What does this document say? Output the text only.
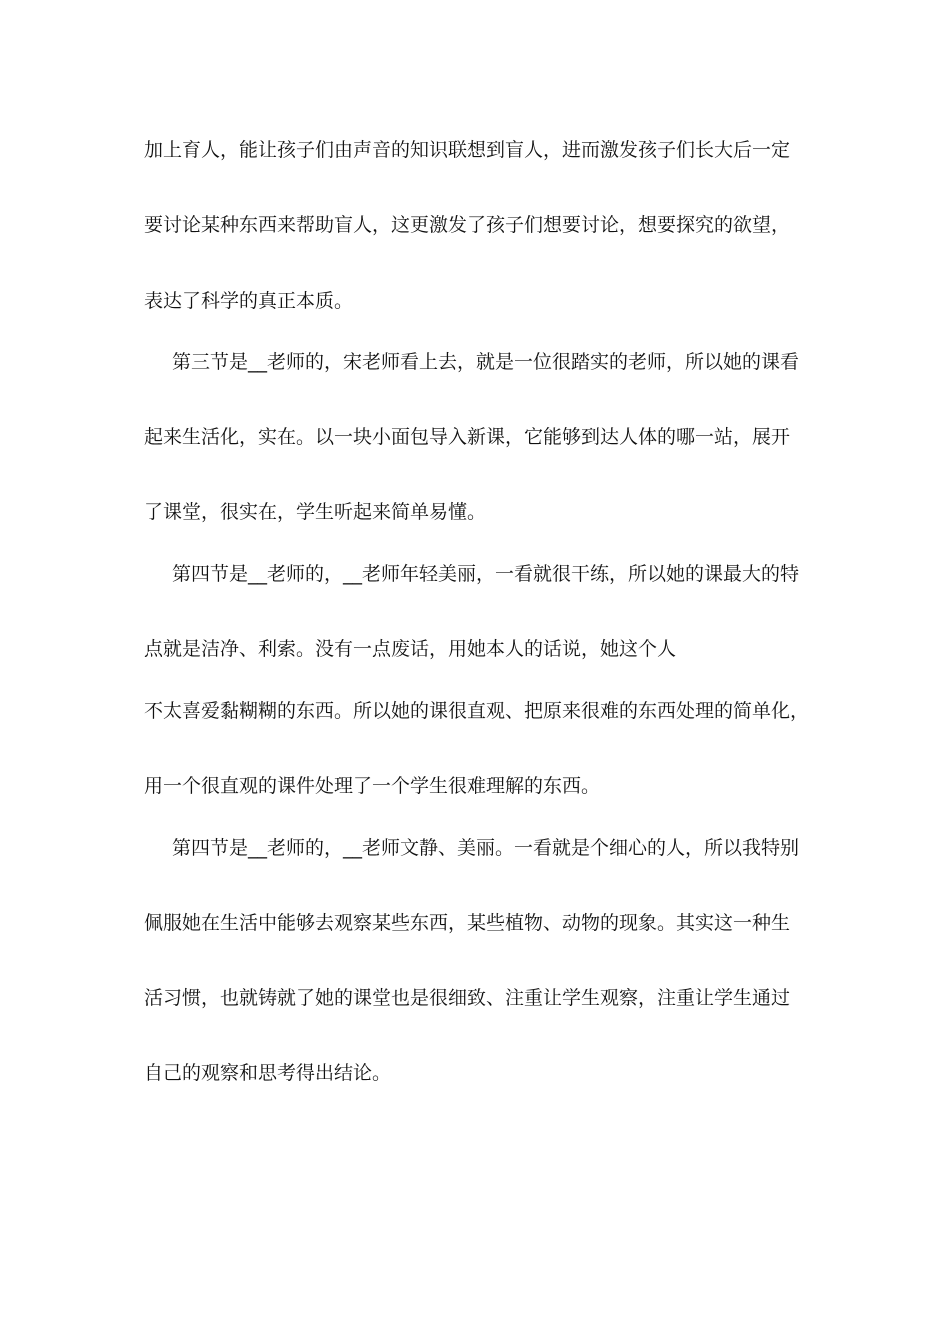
加上育人，能让孩子们由声音的知识联想到盲人，进而激发孩子们长大后一定
要讨论某种东西来帮助盲人，这更激发了孩子们想要讨论，想要探究的欲望，
表达了科学的真正本质。
第三节是__老师的，宋老师看上去，就是一位很踏实的老师，所以她的课看
起来生活化，实在。以一块小面包导入新课，它能够到达人体的哪一站，展开
了课堂，很实在，学生听起来简单易懂。
第四节是__老师的，__老师年轻美丽，一看就很干练，所以她的课最大的特
点就是洁净、利索。没有一点废话，用她本人的话说，她这个人
不太喜爱黏糊糊的东西。所以她的课很直观、把原来很难的东西处理的简单化，
用一个很直观的课件处理了一个学生很难理解的东西。
第四节是__老师的，__老师文静、美丽。一看就是个细心的人，所以我特别
佩服她在生活中能够去观察某些东西，某些植物、动物的现象。其实这一种生
活习惯，也就铸就了她的课堂也是很细致、注重让学生观察，注重让学生通过
自己的观察和思考得出结论。
